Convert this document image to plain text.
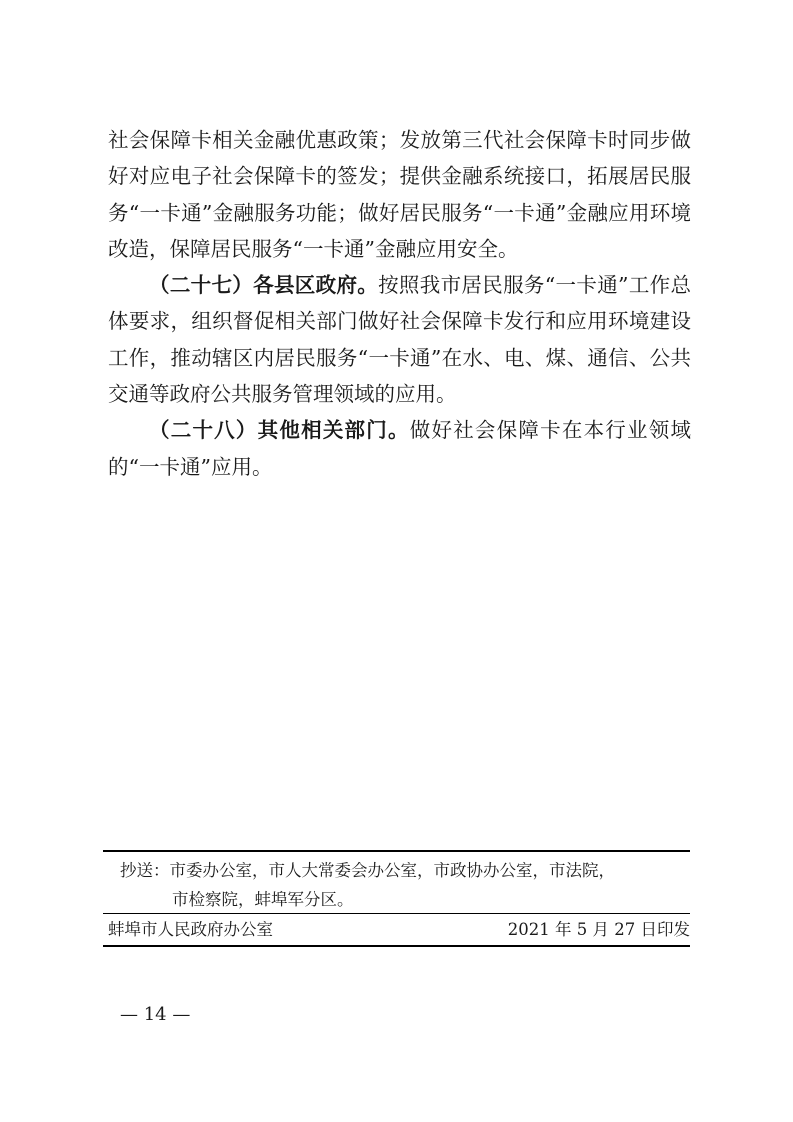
社会保障卡相关金融优惠政策；发放第三代社会保障卡时同步做好对应电子社会保障卡的签发；提供金融系统接口，拓展居民服务“一卡通”金融服务功能；做好居民服务“一卡通”金融应用环境改造，保障居民服务“一卡通”金融应用安全。

（二十七）各县区政府。按照我市居民服务“一卡通”工作总体要求，组织督促相关部门做好社会保障卡发行和应用环境建设工作，推动辖区内居民服务“一卡通”在水、电、煤、通信、公共交通等政府公共服务管理领域的应用。

（二十八）其他相关部门。做好社会保障卡在本行业领域的“一卡通”应用。

抄送：市委办公室，市人大常委会办公室，市政协办公室，市法院，
市检察院，蚌埠军分区。
蚌埠市人民政府办公室	2021 年 5 月 27 日印发
— 14 —
